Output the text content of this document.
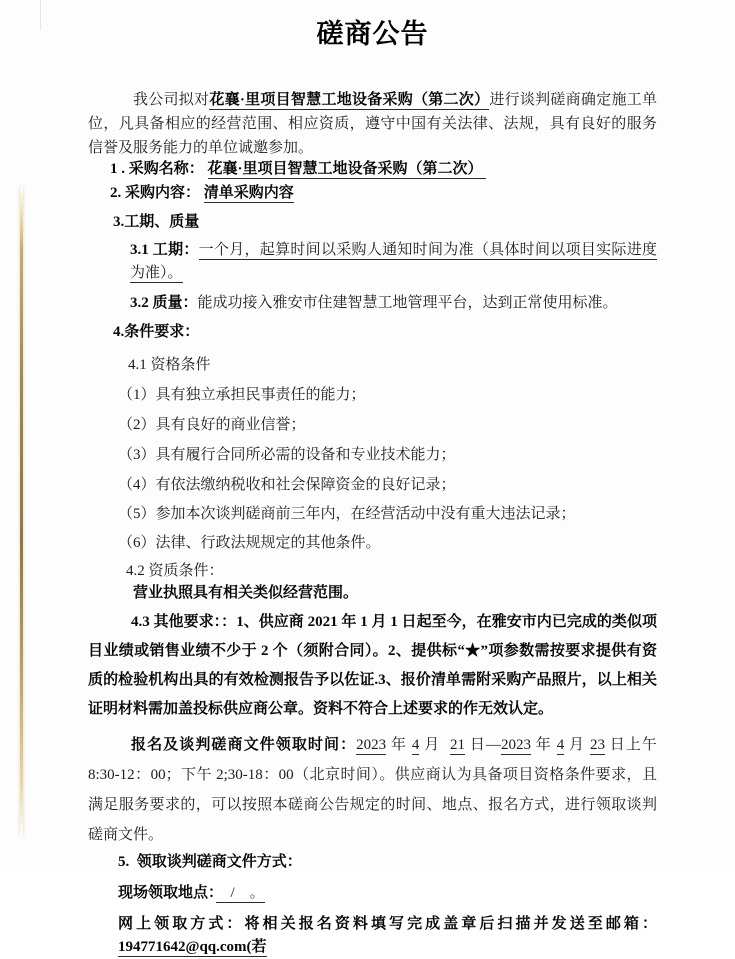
磋商公告

我公司拟对花襄·里项目智慧工地设备采购（第二次）进行谈判磋商确定施工单位，凡具备相应的经营范围、相应资质，遵守中国有关法律、法规，具有良好的服务信誉及服务能力的单位诚邀参加。

1 . 采购名称： 花襄·里项目智慧工地设备采购（第二次）

2. 采购内容： 清单采购内容

3.工期、质量

3.1 工期：一个月，起算时间以采购人通知时间为准（具体时间以项目实际进度为准）。

3.2 质量：能成功接入雅安市住建智慧工地管理平台，达到正常使用标准。

4.条件要求：

4.1 资格条件

（1）具有独立承担民事责任的能力；

（2）具有良好的商业信誉；

（3）具有履行合同所必需的设备和专业技术能力；

（4）有依法缴纳税收和社会保障资金的良好记录；

（5）参加本次谈判磋商前三年内，在经营活动中没有重大违法记录；

（6）法律、行政法规规定的其他条件。

4.2 资质条件：

营业执照具有相关类似经营范围。

4.3 其他要求：：1、供应商 2021 年 1 月 1 日起至今，在雅安市内已完成的类似项目业绩或销售业绩不少于 2 个（须附合同）。2、提供标“★”项参数需按要求提供有资质的检验机构出具的有效检测报告予以佐证.3、报价清单需附采购产品照片，以上相关证明材料需加盖投标供应商公章。资料不符合上述要求的作无效认定。

报名及谈判磋商文件领取时间：2023 年 4 月  21 日—2023 年 4 月 23 日上午 8:30-12：00；下午 2;30-18：00（北京时间）。供应商认为具备项目资格条件要求，且满足服务要求的，可以按照本磋商公告规定的时间、地点、报名方式，进行领取谈判磋商文件。

5.  领取谈判磋商文件方式：

现场领取地点：　/　。

网上领取方式：将相关报名资料填写完成盖章后扫描并发送至邮箱：194771642@qq.com(若
